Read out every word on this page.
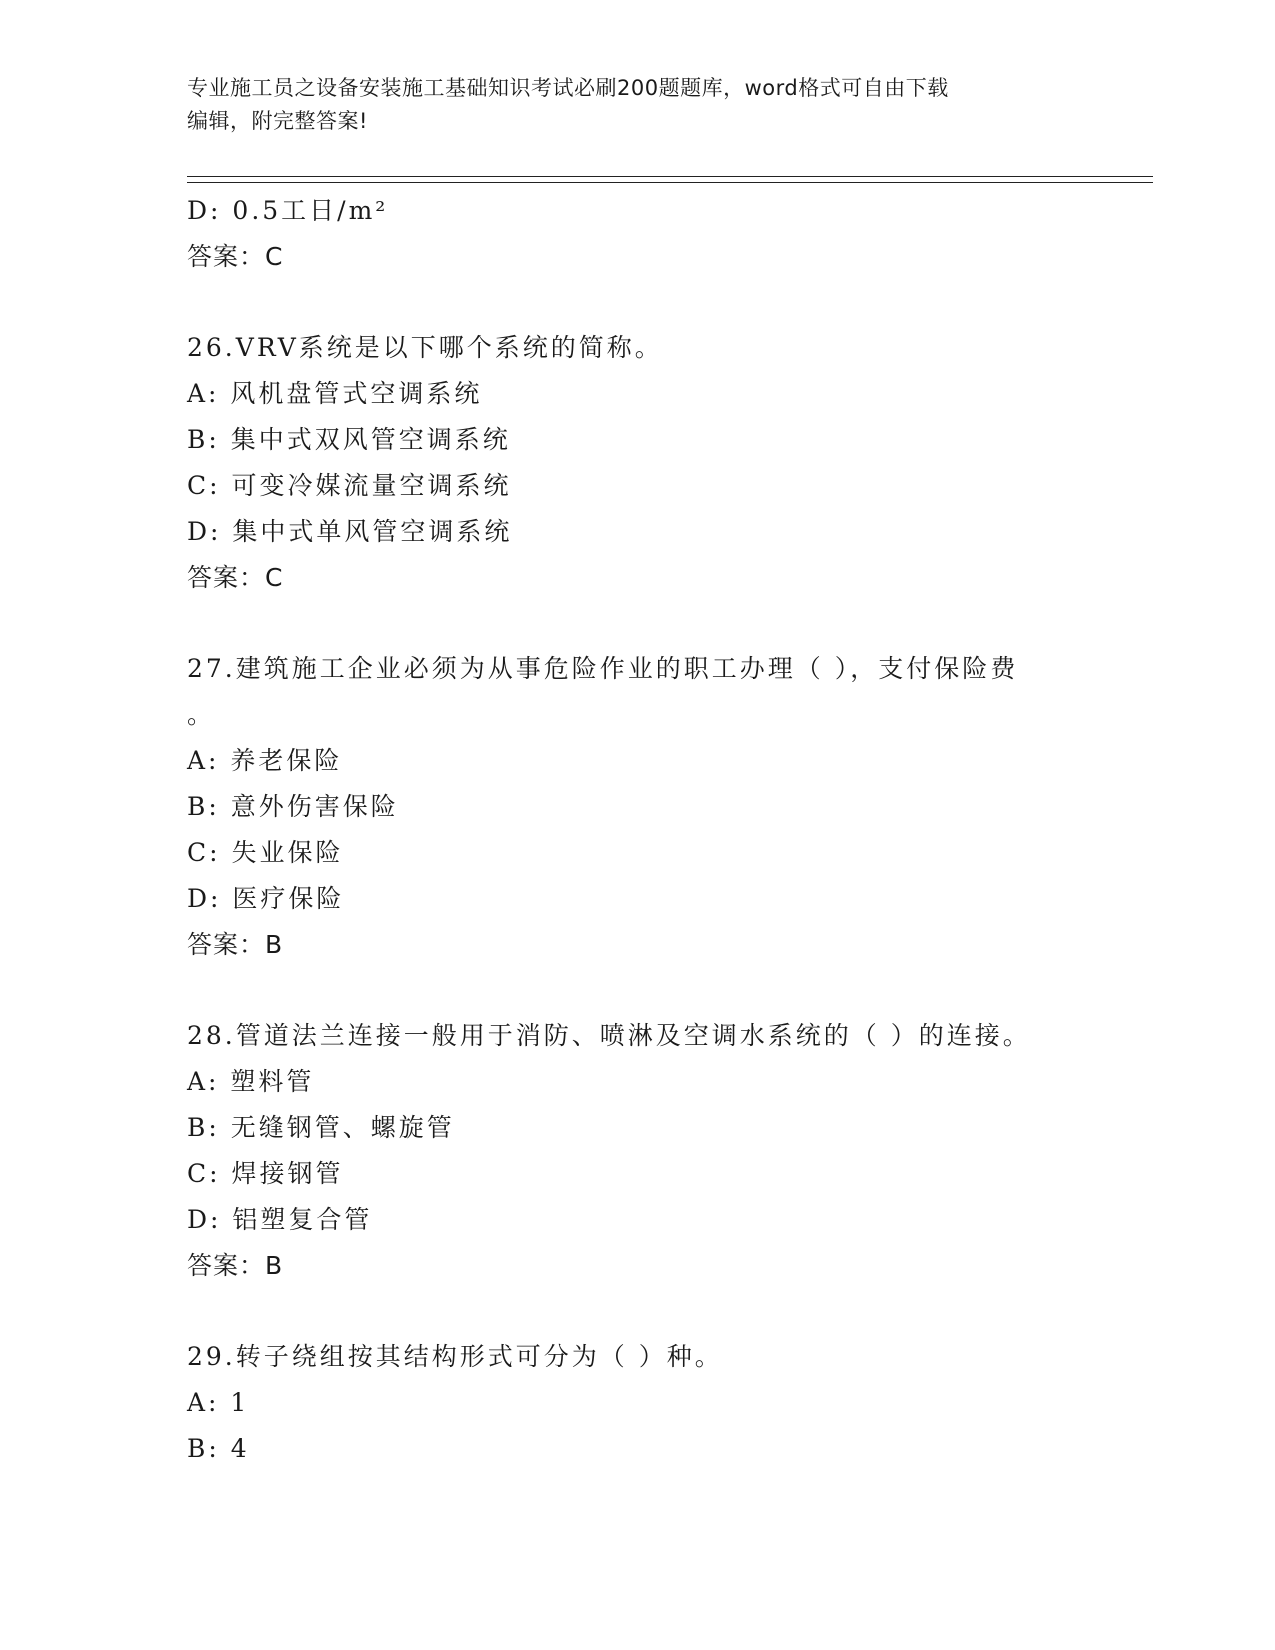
专业施工员之设备安装施工基础知识考试必刷200题题库，word格式可自由下载
编辑，附完整答案!
D: 0.5工日/m²
答案：C
26.VRV系统是以下哪个系统的简称。
A: 风机盘管式空调系统
B: 集中式双风管空调系统
C: 可变冷媒流量空调系统
D: 集中式单风管空调系统
答案：C
27.建筑施工企业必须为从事危险作业的职工办理（ ），支付保险费
。
A: 养老保险
B: 意外伤害保险
C: 失业保险
D: 医疗保险
答案：B
28.管道法兰连接一般用于消防、喷淋及空调水系统的（ ）的连接。
A: 塑料管
B: 无缝钢管、螺旋管
C: 焊接钢管
D: 铝塑复合管
答案：B
29.转子绕组按其结构形式可分为（ ）种。
A: 1
B: 4
